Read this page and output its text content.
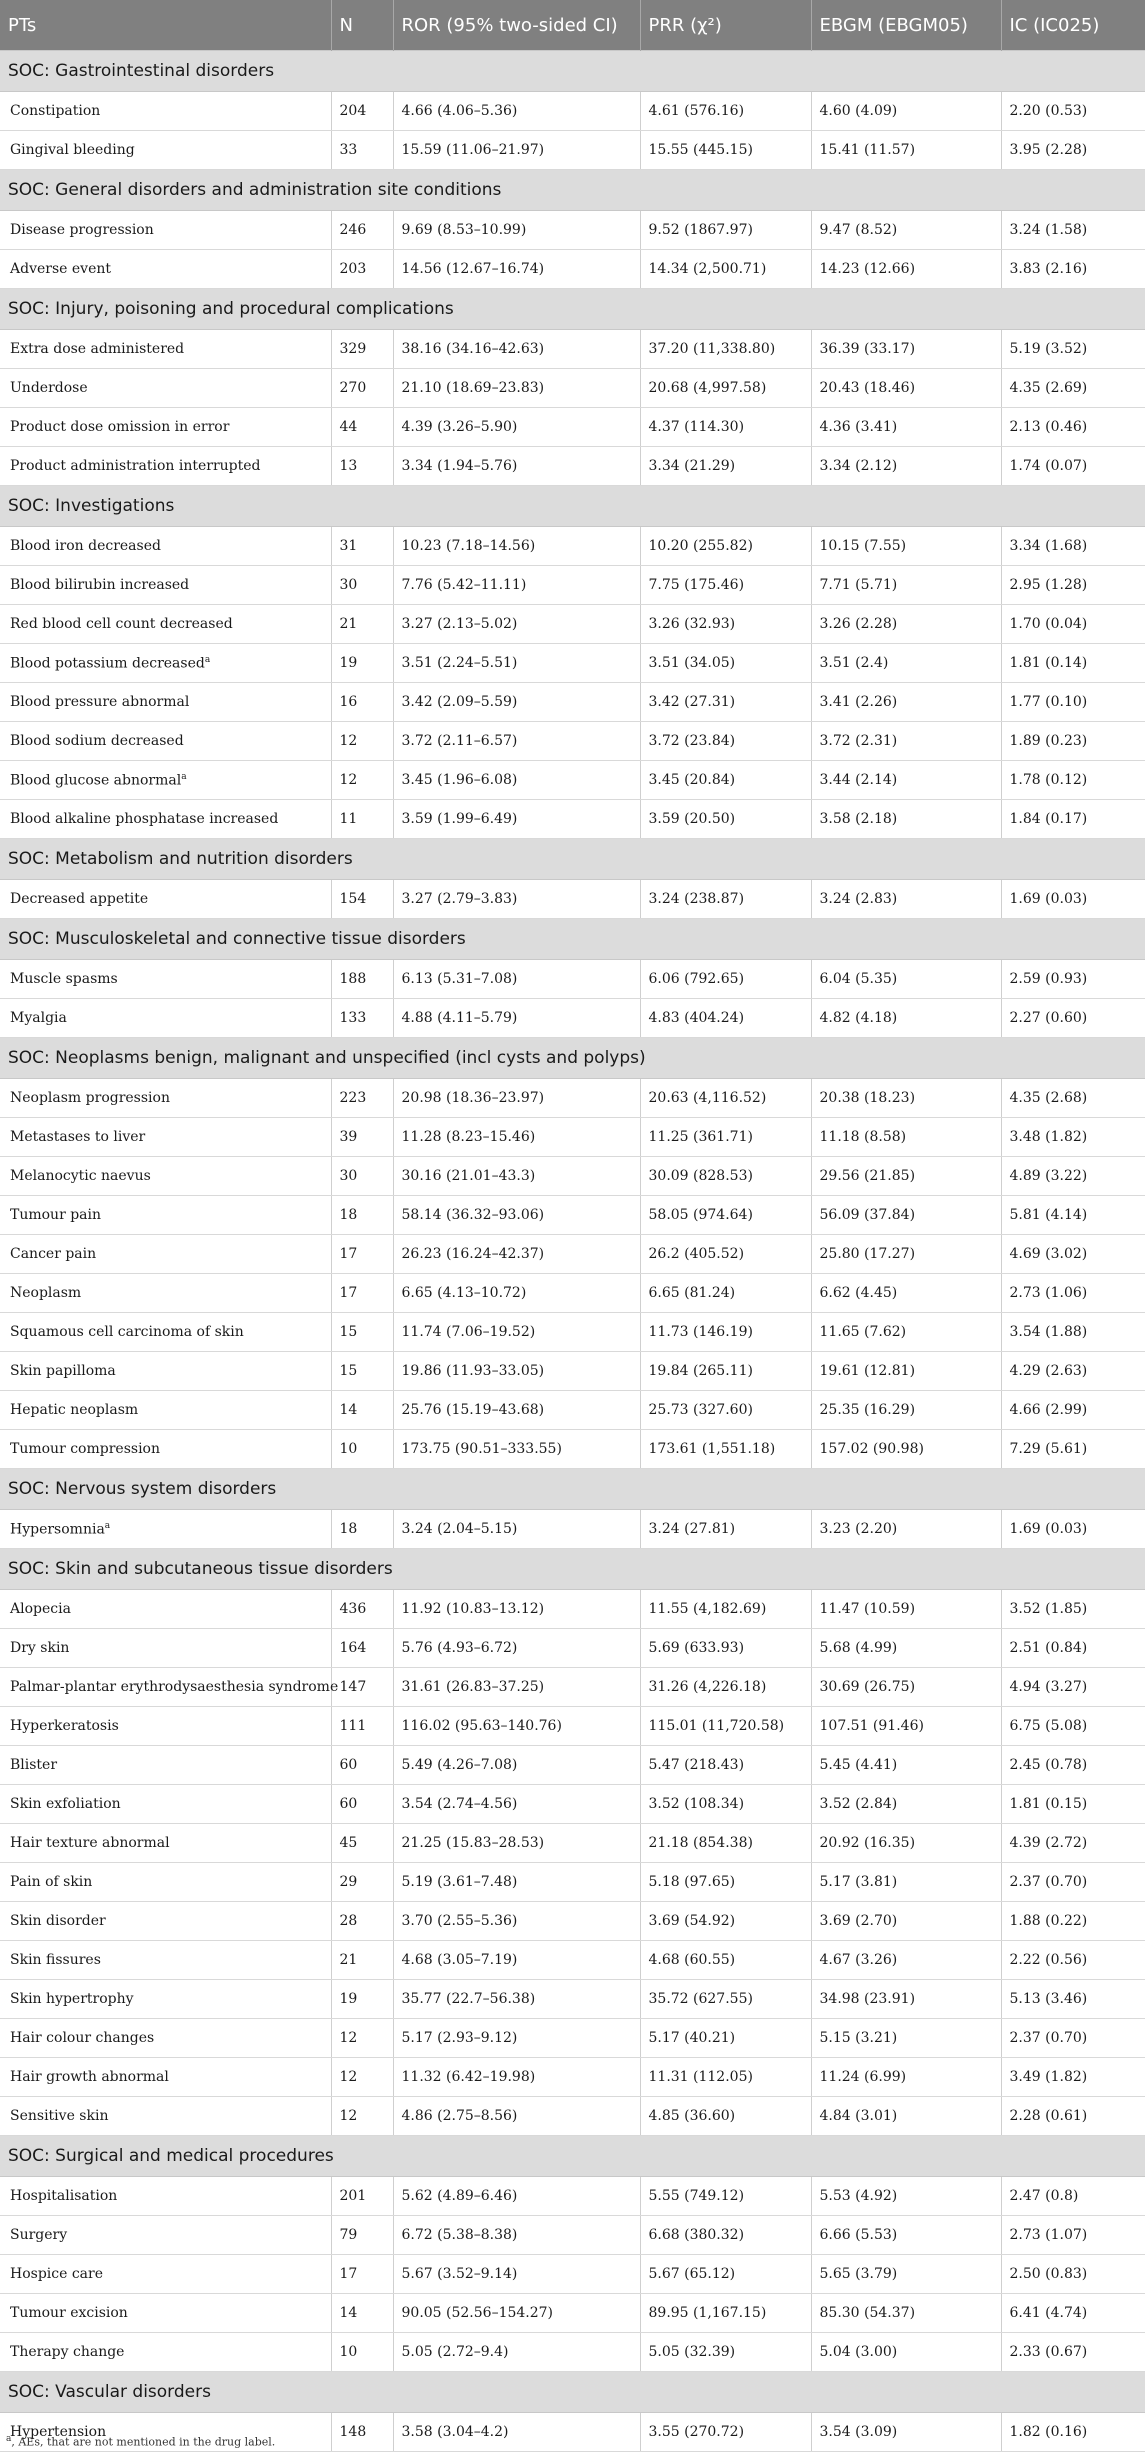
PTs	N	ROR (95% two-sided CI)	PRR (χ²)	EBGM (EBGM05)	IC (IC025)
SOC: Gastrointestinal disorders					
Constipation	204	4.66 (4.06–5.36)	4.61 (576.16)	4.60 (4.09)	2.20 (0.53)
Gingival bleeding	33	15.59 (11.06–21.97)	15.55 (445.15)	15.41 (11.57)	3.95 (2.28)
SOC: General disorders and administration site conditions					
Disease progression	246	9.69 (8.53–10.99)	9.52 (1867.97)	9.47 (8.52)	3.24 (1.58)
Adverse event	203	14.56 (12.67–16.74)	14.34 (2,500.71)	14.23 (12.66)	3.83 (2.16)
SOC: Injury, poisoning and procedural complications					
Extra dose administered	329	38.16 (34.16–42.63)	37.20 (11,338.80)	36.39 (33.17)	5.19 (3.52)
Underdose	270	21.10 (18.69–23.83)	20.68 (4,997.58)	20.43 (18.46)	4.35 (2.69)
Product dose omission in error	44	4.39 (3.26–5.90)	4.37 (114.30)	4.36 (3.41)	2.13 (0.46)
Product administration interrupted	13	3.34 (1.94–5.76)	3.34 (21.29)	3.34 (2.12)	1.74 (0.07)
SOC: Investigations					
Blood iron decreased	31	10.23 (7.18–14.56)	10.20 (255.82)	10.15 (7.55)	3.34 (1.68)
Blood bilirubin increased	30	7.76 (5.42–11.11)	7.75 (175.46)	7.71 (5.71)	2.95 (1.28)
Red blood cell count decreased	21	3.27 (2.13–5.02)	3.26 (32.93)	3.26 (2.28)	1.70 (0.04)
Blood potassium decreased$^a$	19	3.51 (2.24–5.51)	3.51 (34.05)	3.51 (2.4)	1.81 (0.14)
Blood pressure abnormal	16	3.42 (2.09–5.59)	3.42 (27.31)	3.41 (2.26)	1.77 (0.10)
Blood sodium decreased	12	3.72 (2.11–6.57)	3.72 (23.84)	3.72 (2.31)	1.89 (0.23)
Blood glucose abnormal$^a$	12	3.45 (1.96–6.08)	3.45 (20.84)	3.44 (2.14)	1.78 (0.12)
Blood alkaline phosphatase increased	11	3.59 (1.99–6.49)	3.59 (20.50)	3.58 (2.18)	1.84 (0.17)
SOC: Metabolism and nutrition disorders					
Decreased appetite	154	3.27 (2.79–3.83)	3.24 (238.87)	3.24 (2.83)	1.69 (0.03)
SOC: Musculoskeletal and connective tissue disorders					
Muscle spasms	188	6.13 (5.31–7.08)	6.06 (792.65)	6.04 (5.35)	2.59 (0.93)
Myalgia	133	4.88 (4.11–5.79)	4.83 (404.24)	4.82 (4.18)	2.27 (0.60)
SOC: Neoplasms benign, malignant and unspecified (incl cysts and polyps)					
Neoplasm progression	223	20.98 (18.36–23.97)	20.63 (4,116.52)	20.38 (18.23)	4.35 (2.68)
Metastases to liver	39	11.28 (8.23–15.46)	11.25 (361.71)	11.18 (8.58)	3.48 (1.82)
Melanocytic naevus	30	30.16 (21.01–43.3)	30.09 (828.53)	29.56 (21.85)	4.89 (3.22)
Tumour pain	18	58.14 (36.32–93.06)	58.05 (974.64)	56.09 (37.84)	5.81 (4.14)
Cancer pain	17	26.23 (16.24–42.37)	26.2 (405.52)	25.80 (17.27)	4.69 (3.02)
Neoplasm	17	6.65 (4.13–10.72)	6.65 (81.24)	6.62 (4.45)	2.73 (1.06)
Squamous cell carcinoma of skin	15	11.74 (7.06–19.52)	11.73 (146.19)	11.65 (7.62)	3.54 (1.88)
Skin papilloma	15	19.86 (11.93–33.05)	19.84 (265.11)	19.61 (12.81)	4.29 (2.63)
Hepatic neoplasm	14	25.76 (15.19–43.68)	25.73 (327.60)	25.35 (16.29)	4.66 (2.99)
Tumour compression	10	173.75 (90.51–333.55)	173.61 (1,551.18)	157.02 (90.98)	7.29 (5.61)
SOC: Nervous system disorders					
Hypersomnia$^a$	18	3.24 (2.04–5.15)	3.24 (27.81)	3.23 (2.20)	1.69 (0.03)
SOC: Skin and subcutaneous tissue disorders					
Alopecia	436	11.92 (10.83–13.12)	11.55 (4,182.69)	11.47 (10.59)	3.52 (1.85)
Dry skin	164	5.76 (4.93–6.72)	5.69 (633.93)	5.68 (4.99)	2.51 (0.84)
Palmar-plantar erythrodysaesthesia syndrome	147	31.61 (26.83–37.25)	31.26 (4,226.18)	30.69 (26.75)	4.94 (3.27)
Hyperkeratosis	111	116.02 (95.63–140.76)	115.01 (11,720.58)	107.51 (91.46)	6.75 (5.08)
Blister	60	5.49 (4.26–7.08)	5.47 (218.43)	5.45 (4.41)	2.45 (0.78)
Skin exfoliation	60	3.54 (2.74–4.56)	3.52 (108.34)	3.52 (2.84)	1.81 (0.15)
Hair texture abnormal	45	21.25 (15.83–28.53)	21.18 (854.38)	20.92 (16.35)	4.39 (2.72)
Pain of skin	29	5.19 (3.61–7.48)	5.18 (97.65)	5.17 (3.81)	2.37 (0.70)
Skin disorder	28	3.70 (2.55–5.36)	3.69 (54.92)	3.69 (2.70)	1.88 (0.22)
Skin fissures	21	4.68 (3.05–7.19)	4.68 (60.55)	4.67 (3.26)	2.22 (0.56)
Skin hypertrophy	19	35.77 (22.7–56.38)	35.72 (627.55)	34.98 (23.91)	5.13 (3.46)
Hair colour changes	12	5.17 (2.93–9.12)	5.17 (40.21)	5.15 (3.21)	2.37 (0.70)
Hair growth abnormal	12	11.32 (6.42–19.98)	11.31 (112.05)	11.24 (6.99)	3.49 (1.82)
Sensitive skin	12	4.86 (2.75–8.56)	4.85 (36.60)	4.84 (3.01)	2.28 (0.61)
SOC: Surgical and medical procedures					
Hospitalisation	201	5.62 (4.89–6.46)	5.55 (749.12)	5.53 (4.92)	2.47 (0.8)
Surgery	79	6.72 (5.38–8.38)	6.68 (380.32)	6.66 (5.53)	2.73 (1.07)
Hospice care	17	5.67 (3.52–9.14)	5.67 (65.12)	5.65 (3.79)	2.50 (0.83)
Tumour excision	14	90.05 (52.56–154.27)	89.95 (1,167.15)	85.30 (54.37)	6.41 (4.74)
Therapy change	10	5.05 (2.72–9.4)	5.05 (32.39)	5.04 (3.00)	2.33 (0.67)
SOC: Vascular disorders					
Hypertension	148	3.58 (3.04–4.2)	3.55 (270.72)	3.54 (3.09)	1.82 (0.16)
$^a$, AEs, that are not mentioned in the drug label.
